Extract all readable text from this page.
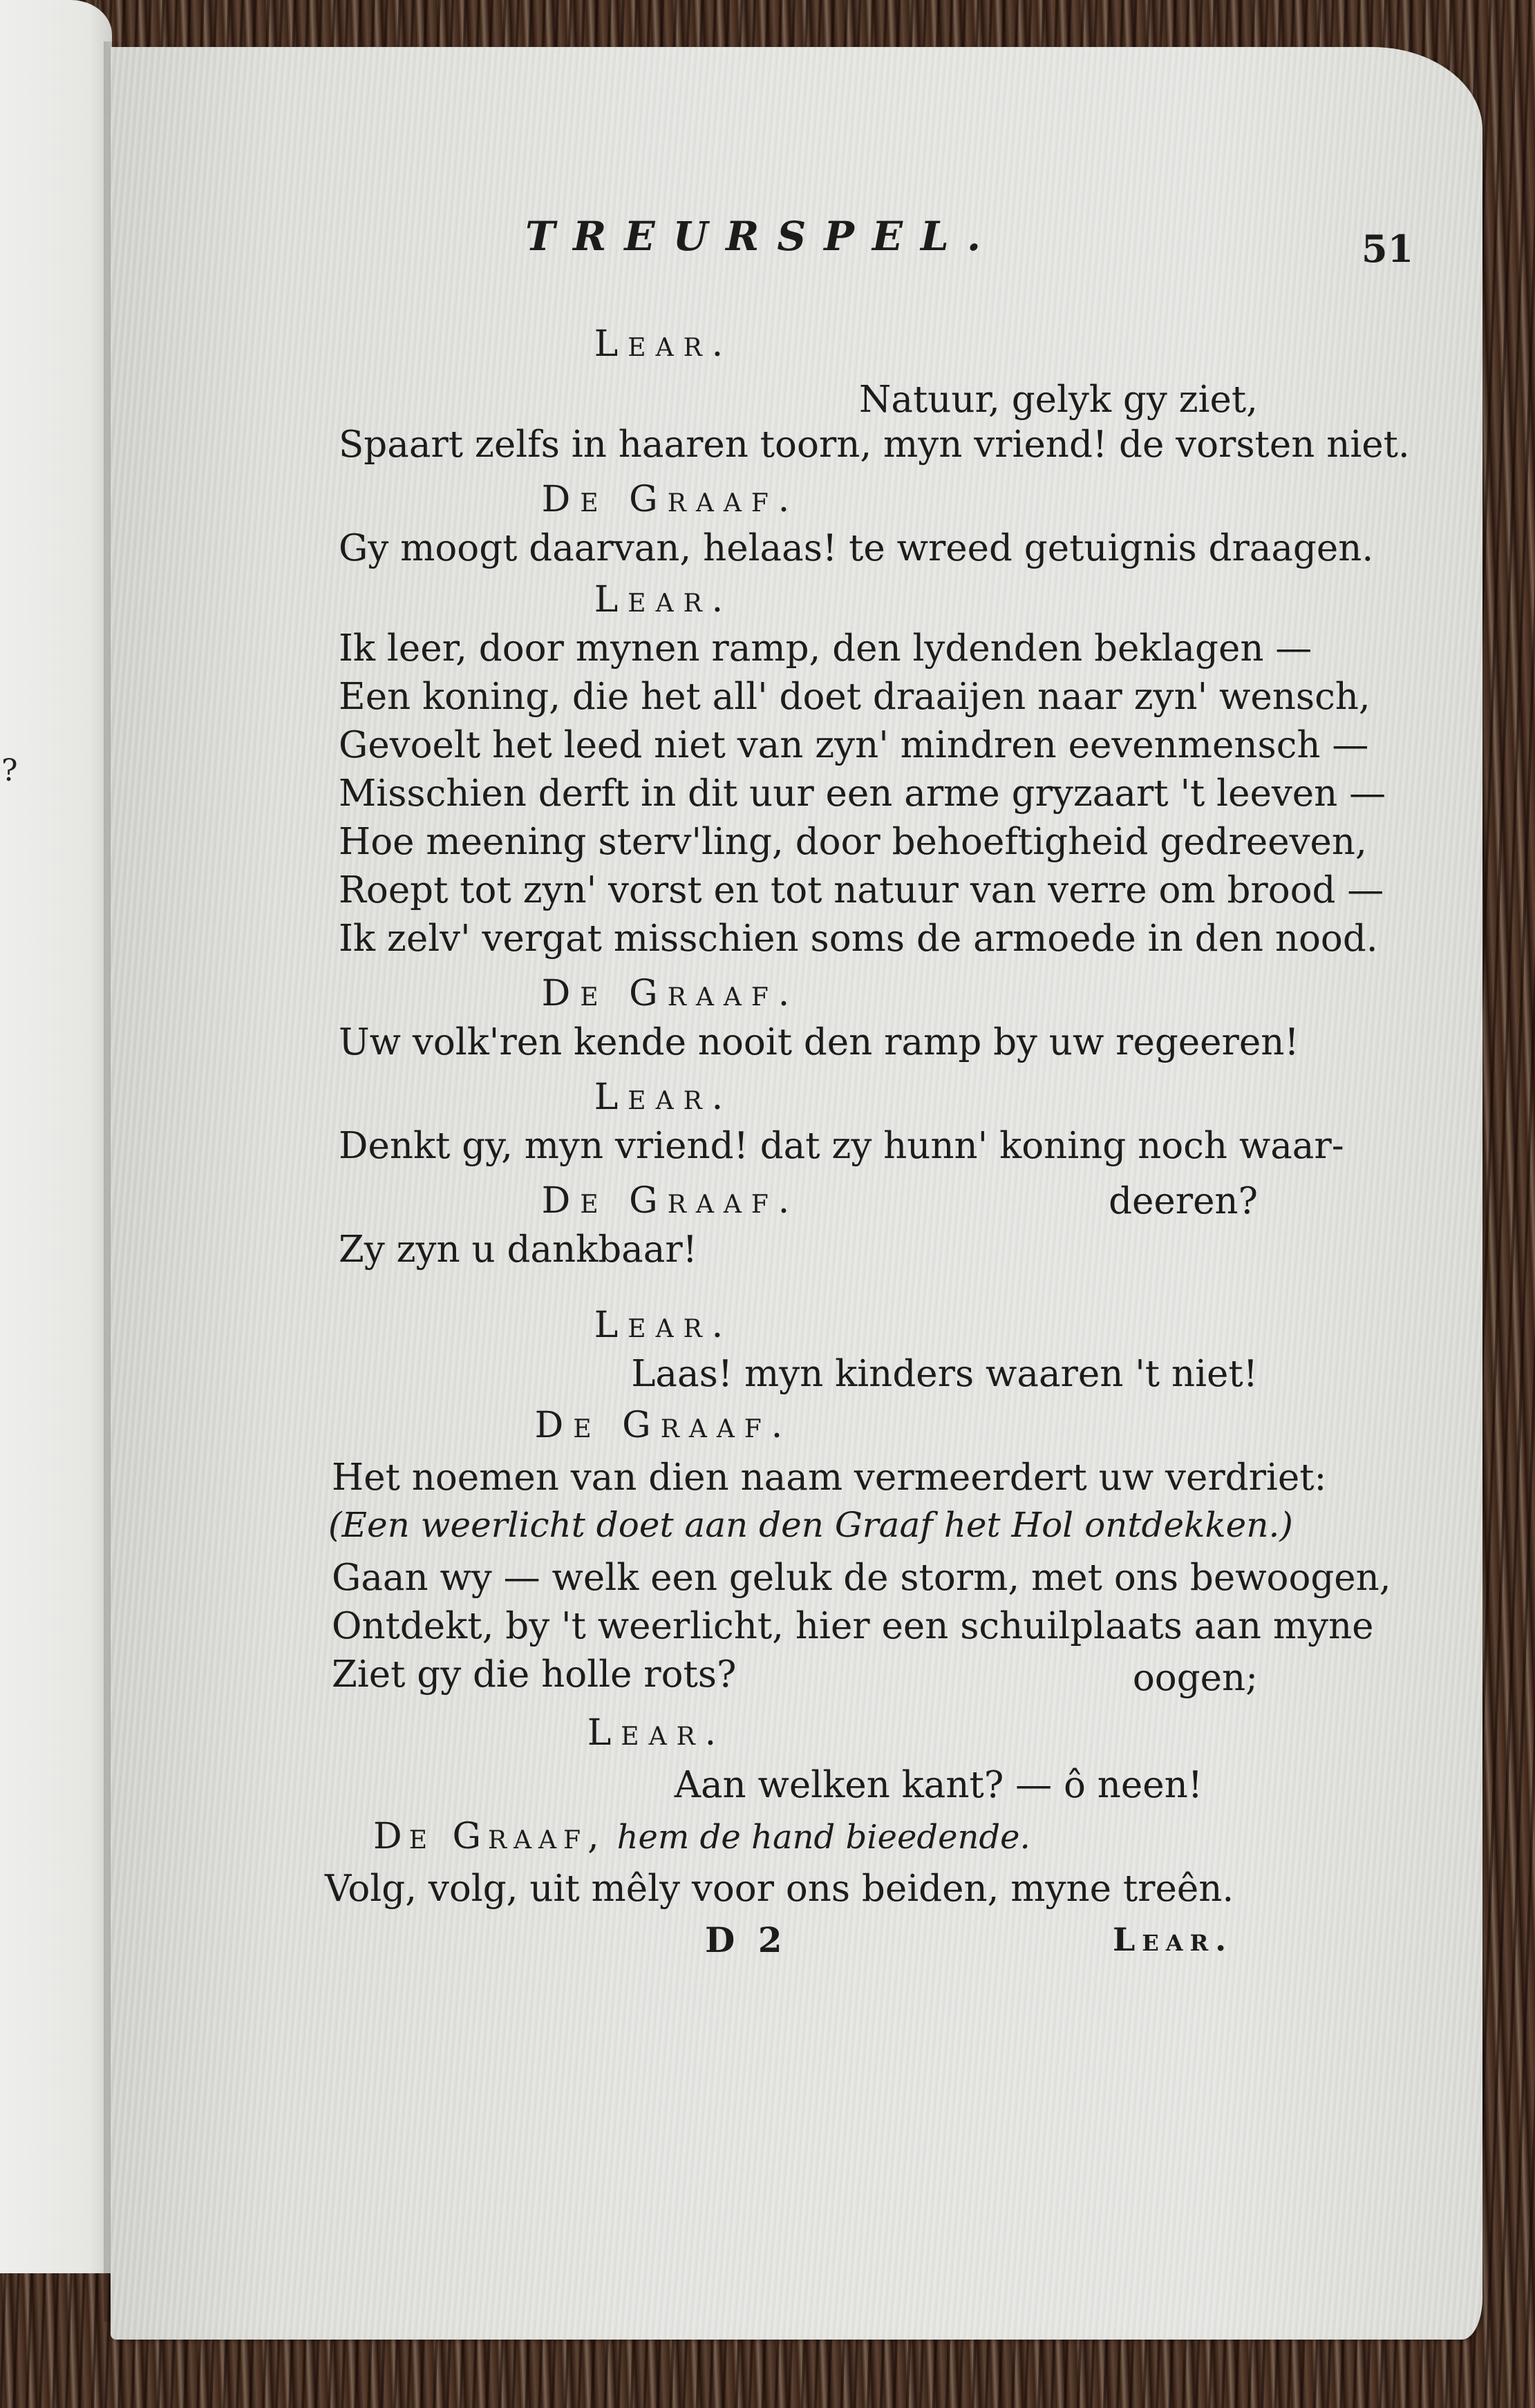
?
TREURSPEL.	51
Lear.
Natuur, gelyk gy ziet,
Spaart zelfs in haaren toorn, myn vriend! de vorsten niet.
De Graaf.
Gy moogt daarvan, helaas! te wreed getuignis draagen.
Lear.
Ik leer, door mynen ramp, den lydenden beklagen —
Een koning, die het all' doet draaijen naar zyn' wensch,
Gevoelt het leed niet van zyn' mindren eevenmensch —
Misschien derft in dit uur een arme gryzaart 't leeven —
Hoe meening sterv'ling, door behoeftigheid gedreeven,
Roept tot zyn' vorst en tot natuur van verre om brood —
Ik zelv' vergat misschien soms de armoede in den nood.
De Graaf.
Uw volk'ren kende nooit den ramp by uw regeeren!
Lear.
Denkt gy, myn vriend! dat zy hunn' koning noch waar-
De Graaf.	deeren?
Zy zyn u dankbaar!
Lear.
Laas! myn kinders waaren 't niet!
De Graaf.
Het noemen van dien naam vermeerdert uw verdriet:
(Een weerlicht doet aan den Graaf het Hol ontdekken.)
Gaan wy — welk een geluk de storm, met ons bewoogen,
Ontdekt, by 't weerlicht, hier een schuilplaats aan myne
Ziet gy die holle rots?	oogen;
Lear.
Aan welken kant? — ô neen!
De Graaf, hem de hand bieedende.
Volg, volg, uit mêly voor ons beiden, myne treên.
D 2	Lear.
